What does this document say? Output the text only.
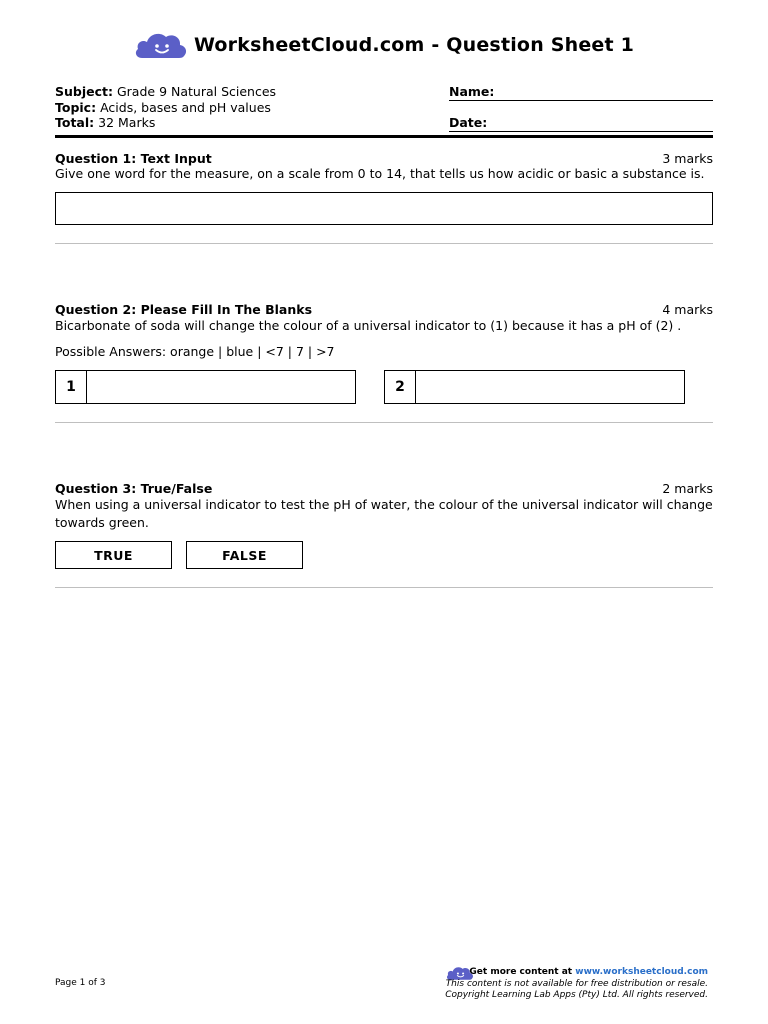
WorksheetCloud.com - Question Sheet 1
Subject: Grade 9 Natural Sciences
Topic: Acids, bases and pH values
Total: 32 Marks
Name:
Date:
Question 1: Text Input	3 marks
Give one word for the measure, on a scale from 0 to 14, that tells us how acidic or basic a substance is.
Question 2: Please Fill In The Blanks	4 marks
Bicarbonate of soda will change the colour of a universal indicator to (1) because it has a pH of (2) .
Possible Answers: orange | blue | <7 | 7 | >7
1	2
Question 3: True/False	2 marks
When using a universal indicator to test the pH of water, the colour of the universal indicator will change towards green.
TRUE	FALSE
Page 1 of 3
Get more content at www.worksheetcloud.com
This content is not available for free distribution or resale.
Copyright Learning Lab Apps (Pty) Ltd. All rights reserved.
